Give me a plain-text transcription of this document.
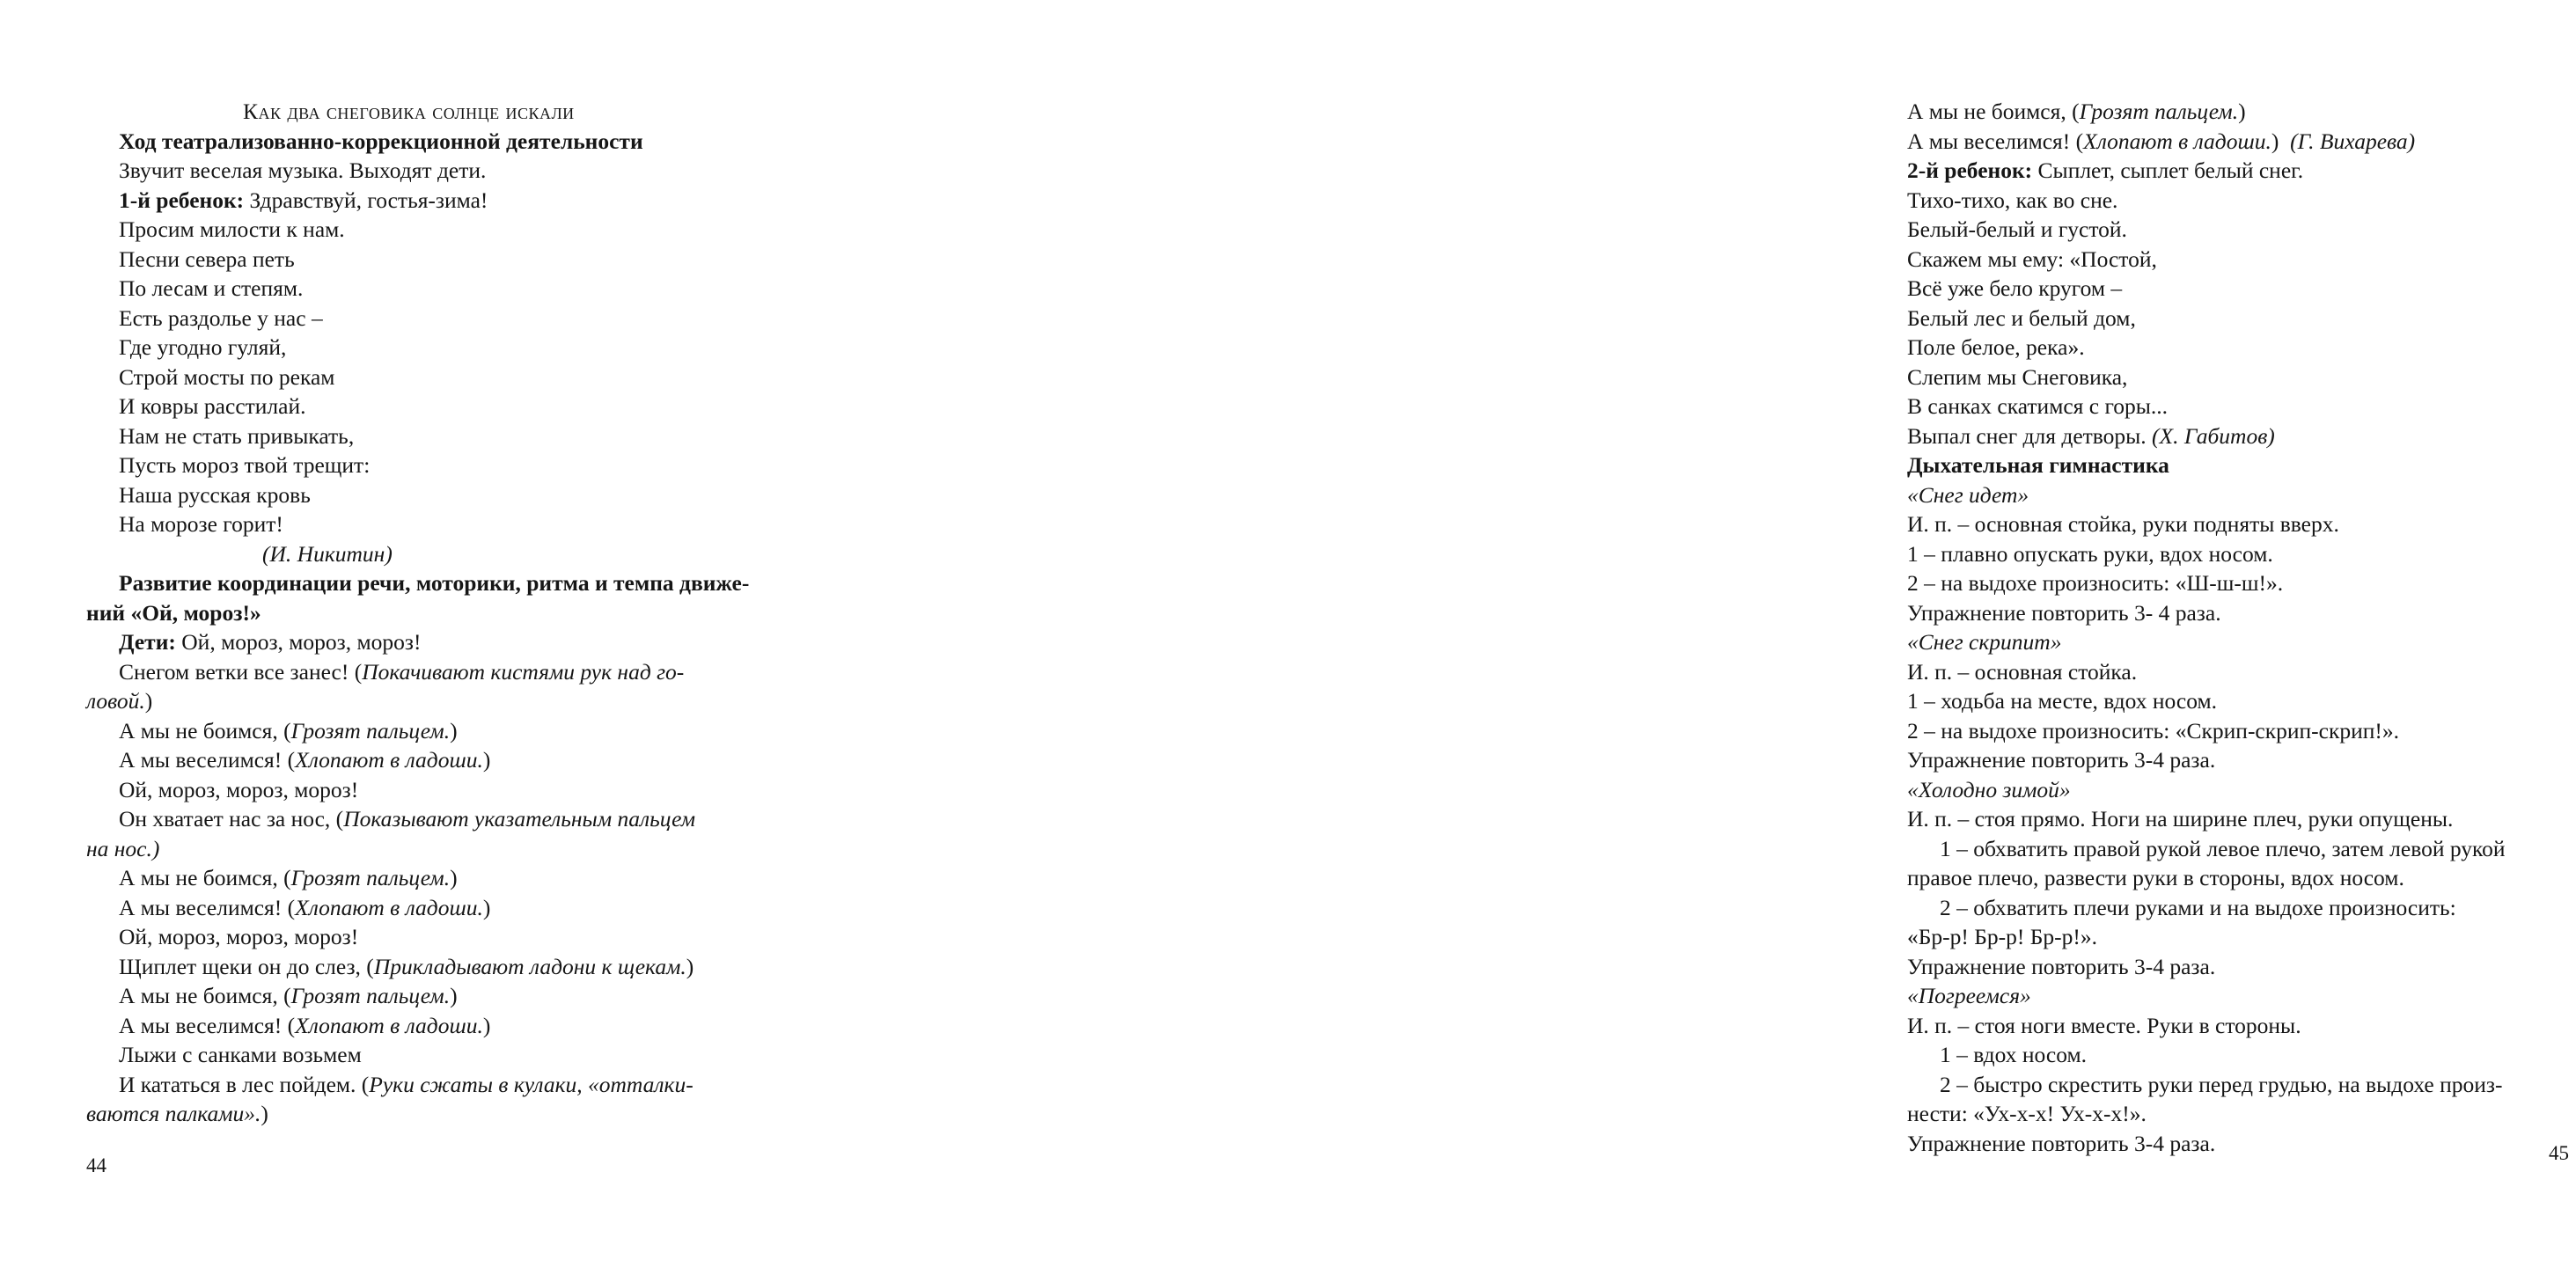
Как два снеговика солнце искали
Ход театрализованно-коррекционной деятельности
Звучит веселая музыка. Выходят дети.
1-й ребенок: Здравствуй, гостья-зима!
Просим милости к нам.
Песни севера петь
По лесам и степям.
Есть раздолье у нас –
Где угодно гуляй,
Строй мосты по рекам
И ковры расстилай.
Нам не стать привыкать,
Пусть мороз твой трещит:
Наша русская кровь
На морозе горит!
(И. Никитин)
Развитие координации речи, моторики, ритма и темпа движе-
ний «Ой, мороз!»
Дети: Ой, мороз, мороз, мороз!
Снегом ветки все занес! (Покачивают кистями рук над го-
ловой.)
А мы не боимся, (Грозят пальцем.)
А мы веселимся! (Хлопают в ладоши.)
Ой, мороз, мороз, мороз!
Он хватает нас за нос, (Показывают указательным пальцем
на нос.)
А мы не боимся, (Грозят пальцем.)
А мы веселимся! (Хлопают в ладоши.)
Ой, мороз, мороз, мороз!
Щиплет щеки он до слез, (Прикладывают ладони к щекам.)
А мы не боимся, (Грозят пальцем.)
А мы веселимся! (Хлопают в ладоши.)
Лыжи с санками возьмем
И кататься в лес пойдем. (Руки сжаты в кулаки, «отталки-
ваются палками».)
44
А мы не боимся, (Грозят пальцем.)
А мы веселимся! (Хлопают в ладоши.) (Г. Вихарева)
2-й ребенок: Сыплет, сыплет белый снег.
Тихо-тихо, как во сне.
Белый-белый и густой.
Скажем мы ему: «Постой,
Всё уже бело кругом –
Белый лес и белый дом,
Поле белое, река».
Слепим мы Снеговика,
В санках скатимся с горы...
Выпал снег для детворы. (Х. Габитов)
Дыхательная гимнастика
«Снег идет»
И. п. – основная стойка, руки подняты вверх.
1 – плавно опускать руки, вдох носом.
2 – на выдохе произносить: «Ш-ш-ш!».
Упражнение повторить 3- 4 раза.
«Снег скрипит»
И. п. – основная стойка.
1 – ходьба на месте, вдох носом.
2 – на выдохе произносить: «Скрип-скрип-скрип!».
Упражнение повторить 3-4 раза.
«Холодно зимой»
И. п. – стоя прямо. Ноги на ширине плеч, руки опущены.
1 – обхватить правой рукой левое плечо, затем левой рукой
правое плечо, развести руки в стороны, вдох носом.
2 – обхватить плечи руками и на выдохе произносить:
«Бр-р! Бр-р! Бр-р!».
Упражнение повторить 3-4 раза.
«Погреемся»
И. п. – стоя ноги вместе. Руки в стороны.
1 – вдох носом.
2 – быстро скрестить руки перед грудью, на выдохе произ-
нести: «Ух-х-х! Ух-х-х!».
Упражнение повторить 3-4 раза.	45
